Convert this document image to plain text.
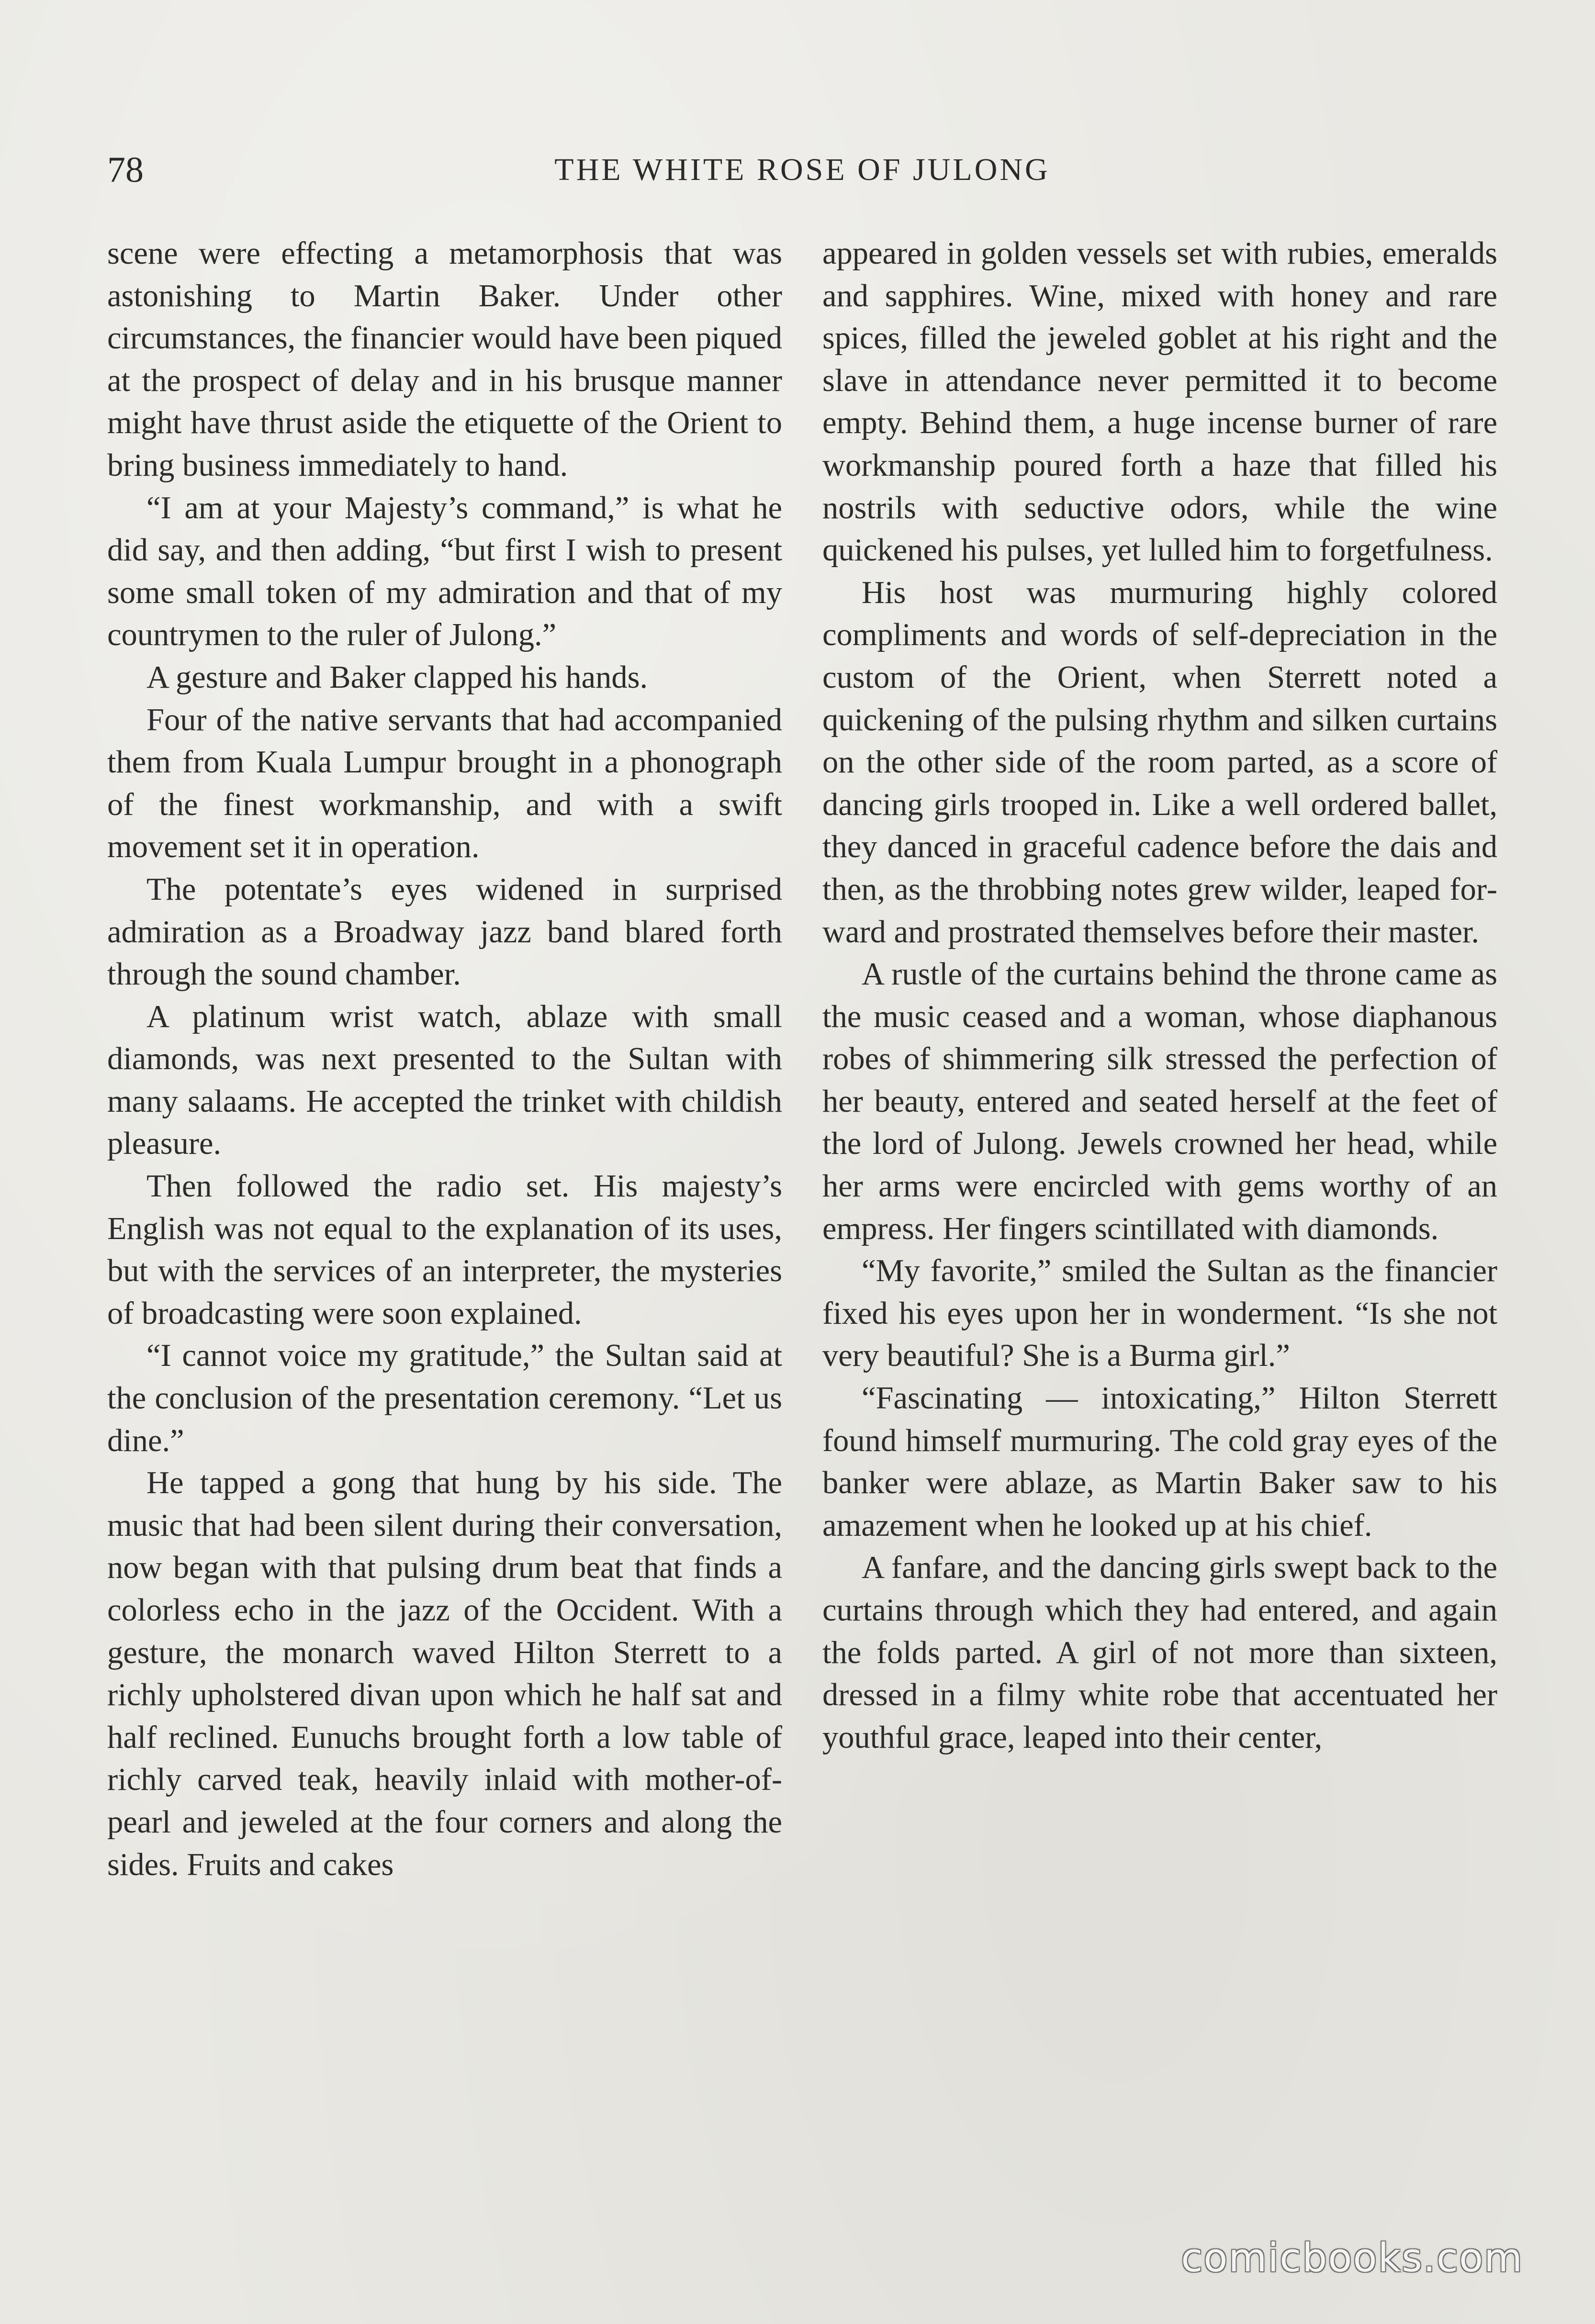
78	THE WHITE ROSE OF JULONG

scene were effecting a metamorphosis that was astonishing to Martin Baker. Under other circumstances, the financier would have been piqued at the prospect of delay and in his brusque manner might have thrust aside the etiquette of the Orient to bring business immediately to hand.

“I am at your Majesty’s command,” is what he did say, and then adding, “but first I wish to present some small token of my admiration and that of my countrymen to the ruler of Julong.”

A gesture and Baker clapped his hands.

Four of the native servants that had accompanied them from Kuala Lumpur brought in a phonograph of the finest workmanship, and with a swift movement set it in operation.

The potentate’s eyes widened in surprised admiration as a Broadway jazz band blared forth through the sound chamber.

A platinum wrist watch, ablaze with small diamonds, was next presented to the Sultan with many salaams. He accepted the trinket with childish pleasure.

Then followed the radio set. His majesty’s English was not equal to the explanation of its uses, but with the services of an interpreter, the mysteries of broadcasting were soon explained.

“I cannot voice my gratitude,” the Sultan said at the conclusion of the presentation ceremony. “Let us dine.”

He tapped a gong that hung by his side. The music that had been silent during their conversation, now began with that pulsing drum beat that finds a colorless echo in the jazz of the Occident. With a gesture, the monarch waved Hilton Sterrett to a richly upholstered divan upon which he half sat and half reclined. Eunuchs brought forth a low table of richly carved teak, heavily inlaid with mother-of-pearl and jeweled at the four corners and along the sides. Fruits and cakes

appeared in golden vessels set with rubies, emeralds and sapphires. Wine, mixed with honey and rare spices, filled the jeweled goblet at his right and the slave in attendance never permitted it to become empty. Behind them, a huge incense burner of rare workmanship poured forth a haze that filled his nostrils with seductive odors, while the wine quickened his pulses, yet lulled him to forgetfulness.

His host was murmuring highly colored compliments and words of self-depreciation in the custom of the Orient, when Sterrett noted a quickening of the pulsing rhythm and silken curtains on the other side of the room parted, as a score of dancing girls trooped in. Like a well ordered ballet, they danced in graceful cadence before the dais and then, as the throbbing notes grew wilder, leaped forward and prostrated themselves before their master.

A rustle of the curtains behind the throne came as the music ceased and a woman, whose diaphanous robes of shimmering silk stressed the perfection of her beauty, entered and seated herself at the feet of the lord of Julong. Jewels crowned her head, while her arms were encircled with gems worthy of an empress. Her fingers scintillated with diamonds.

“My favorite,” smiled the Sultan as the financier fixed his eyes upon her in wonderment. “Is she not very beautiful? She is a Burma girl.”

“Fascinating — intoxicating,” Hilton Sterrett found himself murmuring. The cold gray eyes of the banker were ablaze, as Martin Baker saw to his amazement when he looked up at his chief.

A fanfare, and the dancing girls swept back to the curtains through which they had entered, and again the folds parted. A girl of not more than sixteen, dressed in a filmy white robe that accentuated her youthful grace, leaped into their center,

comicbooks.com
